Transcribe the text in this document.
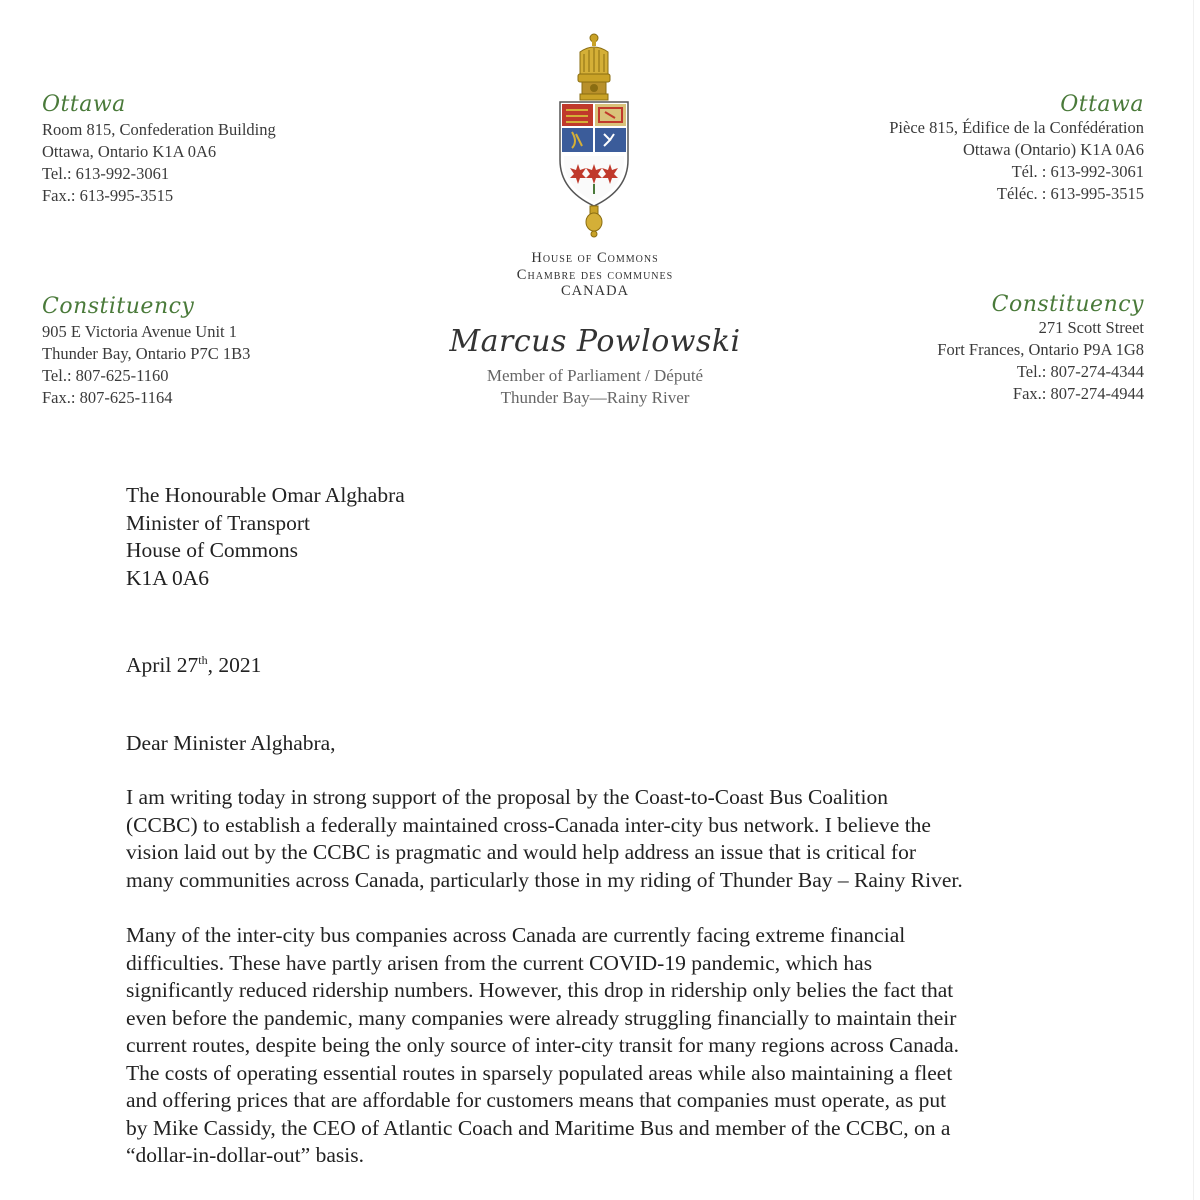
Ottawa
Room 815, Confederation Building
Ottawa, Ontario K1A 0A6
Tel.: 613-992-3061
Fax.: 613-995-3515
Ottawa
Pièce 815, Édifice de la Confédération
Ottawa (Ontario) K1A 0A6
Tél. : 613-992-3061
Téléc. : 613-995-3515
Constituency
905 E Victoria Avenue Unit 1
Thunder Bay, Ontario P7C 1B3
Tel.: 807-625-1160
Fax.: 807-625-1164
Constituency
271 Scott Street
Fort Frances, Ontario P9A 1G8
Tel.: 807-274-4344
Fax.: 807-274-4944
House of Commons
Chambre des communes
CANADA
Marcus Powlowski
Member of Parliament / Député
Thunder Bay—Rainy River
The Honourable Omar Alghabra
Minister of Transport
House of Commons
K1A 0A6
April 27th, 2021
Dear Minister Alghabra,
I am writing today in strong support of the proposal by the Coast-to-Coast Bus Coalition
(CCBC) to establish a federally maintained cross-Canada inter-city bus network. I believe the
vision laid out by the CCBC is pragmatic and would help address an issue that is critical for
many communities across Canada, particularly those in my riding of Thunder Bay – Rainy River.
Many of the inter-city bus companies across Canada are currently facing extreme financial
difficulties. These have partly arisen from the current COVID-19 pandemic, which has
significantly reduced ridership numbers. However, this drop in ridership only belies the fact that
even before the pandemic, many companies were already struggling financially to maintain their
current routes, despite being the only source of inter-city transit for many regions across Canada.
The costs of operating essential routes in sparsely populated areas while also maintaining a fleet
and offering prices that are affordable for customers means that companies must operate, as put
by Mike Cassidy, the CEO of Atlantic Coach and Maritime Bus and member of the CCBC, on a
“dollar-in-dollar-out” basis.
